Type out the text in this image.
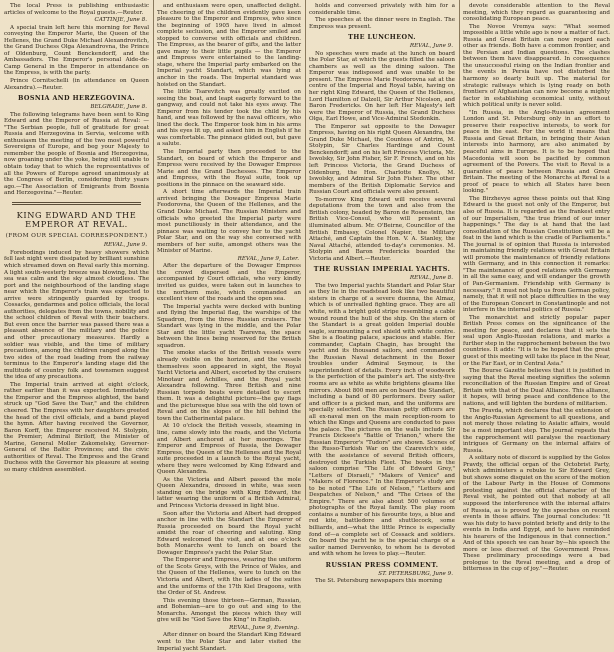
The local Press is publishing enthusiastic articles of welcome to the Royal guests.—Reuter.
CATTINJE, June 8.
A special train left here this morning for Reval conveying the Emperor Marie, the Queen of the Hellenes, the Grand Duke Michael Alexandrovitch, the Grand Duchess Olga Alexandrovna, the Prince of Oldenburg, Count Benckendorff, and the Ambassadors. The Emperor's personal Aide-de-Camp General in the Emperor in attendance on the Empress, is with the party.
Prince Cornitschelli (in attendance on Queen Alexandra).—Reuter.
BOSNIA AND HERZEGOVINA.
BELGRADE, June 8.
The following telegrams have been sent to King Edward and the Emperor of Russia at Reval: — "The Serbian people, full of gratitude for great Russia and Herzegovina in Servia, welcome with enthusiasm the meeting of the two most powerful Sovereigns of Europe, and beg your Majesty to remember the people of Bosnia and Herzegovina, now groaning under the yoke, being still unable to obtain today that to which the representatives of all the Powers of Europe agreed unanimously at the Congress of Berlin, considering thirty years ago.—The Association of Emigrants from Bosnia and Herzegovina."—Reuter.
KING EDWARD AND THE EMPEROR AT REVAL.
(FROM OUR SPECIAL CORRESPONDENT.)
REVAL, June 9.
Forebodings induced by heavy showers which fell last night were dissipated by brilliant sunshine which streamed down on Reval early this morning. A light south-westerly breeze was blowing, but the sea was calm and the sky almost cloudless. The port and the neighbourhood of the landing stage near which the Emperor's train was expected to arrive were stringently guarded by troops. Cossacks, gendarmes and police officials, the local authorities, delegates from the towns, nobility and the school children of Reval with their teachers. But even once the barrier was passed there was a pleasant absence of the military and the police and other precautionary measures. Hardly a soldier was visible, and the time of military precautions, among the children ranged along the two sides of the road leading from the railway terminus to the Emperor's landing stage did the multitude of country folk and townsmen suggest the idea of any precautions.
The Imperial train arrived at eight o'clock, rather earlier than it was expected. Immediately the Emperor and the Empress alighted, the band struck up "God Save the Tsar," and the children cheered. The Empress with her daughters greeted the head of the civil officials, and a band played the hymn. After having received the Governor, Baron Korff, the Emperor received M. Stolypin, the Premier; Admiral Biriloff, the Minister of Marine, General Moller Zakomelsky, Governor-General of the Baltic Provinces; and the civic authorities of Reval. The Empress and the Grand Duchess with the Governor his pleasure at seeing so many children assembled.
and enthusiasm were open, unaffected delight. The cheering of the children evidently gave keen pleasure to the Emperor and Empress, who since the beginning of 1905 have lived in almost complete seclusion, and the Emperor smiled and stopped to converse with officials and children. The Empress, as the bearer of gifts, and the latter gave many to their little pupils — the Emperor and Empress were entertained to the landing-stage, where the Imperial party embarked on the Imperial yacht Standart, which was lying at anchor in the roads. The Imperial standard was hoisted on the Standart.
The little Tsarevitch was greatly excited on seeing the boat, and leapt eagerly forward to the gangway, and could not take his eyes away. The Emperor from his tender took the child by his hand, and was followed by the naval officers, who lined the deck. The Emperor took him in his arms and his eyes lit up, and asked him in English if he was comfortable. The pinnace glided out, but gave a salute.
The Imperial party then proceeded to the Standart, on board of which the Emperor and Empress were received by the Dowager Empress Marie and the Grand Duchesses. The Emperor and Empress, with the Royal suite, took up positions in the pinnace on the seaward side.
A short time afterwards the Imperial train arrived bringing the Dowager Empress Marie Feodorovna, the Queen of the Hellenes, and the Grand Duke Michael. The Russian Ministers and officials who greeted the Imperial party were most punctiliously in their attendance, and the pinnace was waiting to convey her to the yacht Polar Star, and on the way she conversed with members of her suite, amongst others was the Minister of Marine.
REVAL, June 9, Later.
After the departure of the Dowager Empress the crowd dispersed and the Emperor, accompanied by Court officials, who very kindly invited us guides, were taken out in launches to the northern mole, which commanded an excellent view of the roads and the open sea.
The Imperial yachts were decked with bunting and flying the Imperial flag, the warships of the Squadron, from the three Russian cruisers. The Standart was lying in the middle, and the Polar Star and the little yacht Tsarevna, the space between the lines being reserved for the British squadron.
The smoke stacks of the British vessels were already visible on the horizon, and the vessels themselves soon appeared in sight, the Royal Yacht Victoria and Albert, escorted by the cruisers Minotaur and Achilles, and the Royal yacht Alexandra following. Three British and nine Russian torpedo boats were detailed to escort them. It was a delightful picture—the gay flags and the picturesque blue sea with the old town of Reval and on the slopes of the hill behind the town the Catherinental palace.
At 10 o'clock the British vessels, steaming in line, came slowly into the roads, and the Victoria and Albert anchored at her moorings. The Emperor and Empress of Russia, the Dowager Empress, the Queen of the Hellenes and the Royal suite proceeded in a launch to the Royal yacht, where they were welcomed by King Edward and Queen Alexandra.
As the Victoria and Albert passed the mole Queen Alexandra, dressed in white, was seen standing on the bridge with King Edward, the latter wearing the uniform of a British Admiral, and Princess Victoria dressed in light blue.
Soon after the Victoria and Albert had dropped anchor in line with the Standart the Emperor of Russia proceeded on board the Royal yacht amidst the roar of cheering and saluting. King Edward welcomed the visit, and at one o'clock both Monarchs went to lunch on board the Dowager Empress's yacht the Polar Star.
The Emperor and Empress, wearing the uniform of the Scots Greys, with the Prince of Wales, and the Queen of the Hellenes, were to lunch on the Victoria and Albert, with the ladies of the suites and the uniforms of the 17th Kiel Dragoons, with the Order of St. Andrew.
This evening those thirteen—German, Russian, and Bohemian—are to go out and sing to the Monarchs. Amongst the pieces which they will give will be "God Save the King" in English.
REVAL, June 9, Evening.
After dinner on board the Standart King Edward went to the Polar Star and later visited the Imperial yacht Standart.
holds and conversed privately with him for a considerable time.
The speeches at the dinner were in English. The Empress was present.
THE LUNCHEON.
REVAL, June 9.
No speeches were made at the lunch on board the Polar Star, at which the guests filled the saloon chambers as well as the dining saloon. The Emperor was indisposed and was unable to be present. The Empress Marie Feodorovna sat at the centre of the Imperial and Royal table, having on her right King Edward, the Queen of the Hellenes, Lord Hamilton of Dalzell, Sir Arthur Nicolson, and Baron Fredericks. On her left Her Majesty's left were the Emperor of Russia, the Grand Duchess Olga, Earl Howe, and Vice-Admiral Stedonkin.
The Emperor sat opposite to the Dowager Empress, having on his right Queen Alexandra, the Grand Duke Michael, the Countess of Antrim, M. Stolypin, Sir Charles Hardinge and Count Benckendorff; and on his left Princess Victoria, Mr. Iswolsky, Sir John Fisher, Sir F. French, and on his left Princess Victoria, the Grand Duchess of Oldenburg, the Hon. Charlotte Knollys, M. Iswolsky, and Admiral Sir John Fisher. The other members of the British Diplomatic Service and Russian Court and officials were also present.
To-morrow King Edward will receive several deputations from the town and also from the British colony, headed by Baron de Rosenstein, the British Vice-Consul, who will present an illuminated album. Mr. O'Beirne, Councillor of the British Embassy, Colonel Napier, the Military Attaché, and Captain the Hon. V. A. Stanley, the Naval Attaché, attended to-day's ceremonies. M. Stolypin and Baron Fredericks boarded the Victoria and Albert.—Reuter.
THE RUSSIAN IMPERIAL YACHTS.
REVAL, June 8.
The two Imperial yachts Standart and Polar Star as they lie in the roadstead look like two beautiful sisters in charge of a severe duenna, the Almaz, which is of unrivalled fighting grace. They are all white, with a bright gold stripe resembling a cable wound round the hull of the ship. On the stern of the Standart is a great golden Imperial double eagle, surmounting a red shield with white centre. She is a floating palace, spacious and stable. Her commander, Captain Chagin, has brought the yacht and its thousand sailors, and commanded the Russian Naval detachment in the Boxer troubles under Admiral Seymour, is the superintendent of details. Every inch of woodwork is the perfection of the painter's art. The sixty-five rooms are as white as white brightens gleams like mirrors. About 800 men are on board the Standart, including a band of 80 performers. Every sailor and officer is a picked man, and the uniforms are specially selected. The Russian petty officers are all ex-naval men on the main reception-room to which the Kings and Queens are conducted to pass the palace. The pictures on the walls include Sir Francis Dicksee's "Battle of Trianon," where the Russian Emperor's "Tudors" are shown. Scenes of the Russo-Turkish War on the Czarevich's side, with the assistance of several British officers, destroyed the Turkish Fleet. The books in the saloon comprise "The Life of Edward Grey," "Letters of Disraeli," "Makers of Venice" and "Makers of Florence." In the Emperor's study are to be noted "The Life of Nelson," "Letters and Despatches of Nelson," and "The Crises of the Empire." There are also about 500 volumes of photographs of the Royal family. The play room contains a number of his favourite toys, a blue and red kite, battledore and shuttlecock, some billiards, and—what the little Prince is especially fond of—a complete set of Cossack and soldiers. On board the yacht he is the special charge of a sailor named Derevenko, to whom he is devoted and with whom he loves to play.—Reuter.
RUSSIAN PRESS COMMENT.
ST. PETERSBURG, June 9.
The St. Petersburg newspapers this morning
devote considerable attention to the Reval meeting, which they regard as guaranteeing and consolidating European peace.
The Novoe Vremya says: "What seemed impossible a little while ago is now a matter of fact. Russia and Great Britain can now regard each other as friends. Both have a common frontier, and the Persian and Indian questions. The clashes between them have disappeared. In consequence the unsuccessful rising on the Indian frontier and the events in Persia have not disturbed the harmony so dearly built up. The material for strategic railways which is lying ready on both frontiers of Afghanistan can now become a mighty factor in establishing economical unity, without which political unity is never solid.
"In Russia, in the Anglo-Russian agreement London and St. Petersburg only in an effort to preserve their respective interests, to work for peace in the east. For the world it means that Russia and Great Britain, in bringing their Asian interests into harmony, are also animated by peaceful aims in Europe. It is to be hoped that Macedonia will soon be pacified by common agreement of the Powers. The visit to Reval is a guarantee of peace between Russia and Great Britain. The meeting of the Monarchs at Reval is a proof of peace to which all States have been looking."
The Birzhevye agree these points out that King Edward is the guest not only of the Emperor, but also of Russia. It is regarded as the frankest entry of our Imperialism, "the true friend of our inner happenings." The day is at hand that the last consolidation of the Russian Constitution will be a feat in the land which is the cradle of Parliaments." The journal is of opinion that Russia is interested in maintaining friendly relations with Great Britain will promote the maintenance of friendly relations with Germany, and in this connection it remarks: "The maintenance of good relations with Germany in all the same easy, and will endanger the growth of Pan-Germanism. Friendship with Germany is necessary." It must not help us from German policy, namely, that it will not place difficulties in the way of the European Concert in Constantinople and not interfere in the internal politics of Russia."
The monarchist and strictly popular paper British Press comes on the significance of the meeting for peace, and declares that it sets the seal upon Anglo-Russian relations, and marks a further step in the rapprochement between the two countries. It adds: "It is to be hoped that the great guest of this meeting will take its place in the Near, or the Far East, or in Central Asia."
The Bourse Gazette believes that it is justified in saying that the Reval meeting signifies the solemn reconciliation of the Russian Empire and of Great Britain with that of the Dual Alliance. This alliance, it hopes, will bring peace and confidence to the nations, and will lighten the burdens of militarism.
The Pravda, which declares that the extension of the Anglo-Russian Agreement to all questions, and not merely those relating to Asiatic affairs, would be a most important step. The journal repeats that the rapprochement will paralyse the reactionary intrigues of Germany on the internal affairs of Russia.
A solitary note of discord is supplied by the Golos Pravdy, the official organ of the Octobrist Party, which administers a rebuke to Sir Edward Grey, but shows some disquiet on the score of the motion of the Labour Party in the House of Commons protesting against the official character of the Reval visit, he pointed out that nobody at all supposed the interference with the internal affairs of Russia, as is proved by the speeches on recent events in those affairs. The journal concludes: "It was his duty to have pointed briefly and drily to the events in India and Egypt, and to have reminded his hearers of the Indigenous in that connection." And of this speech we can hear by—his speech the more or less discreet of the Government Press. These preliminary proceedings were a bad prologue to the Reval meeting, and a drop of bitterness in the cup of joy."—Reuter.
